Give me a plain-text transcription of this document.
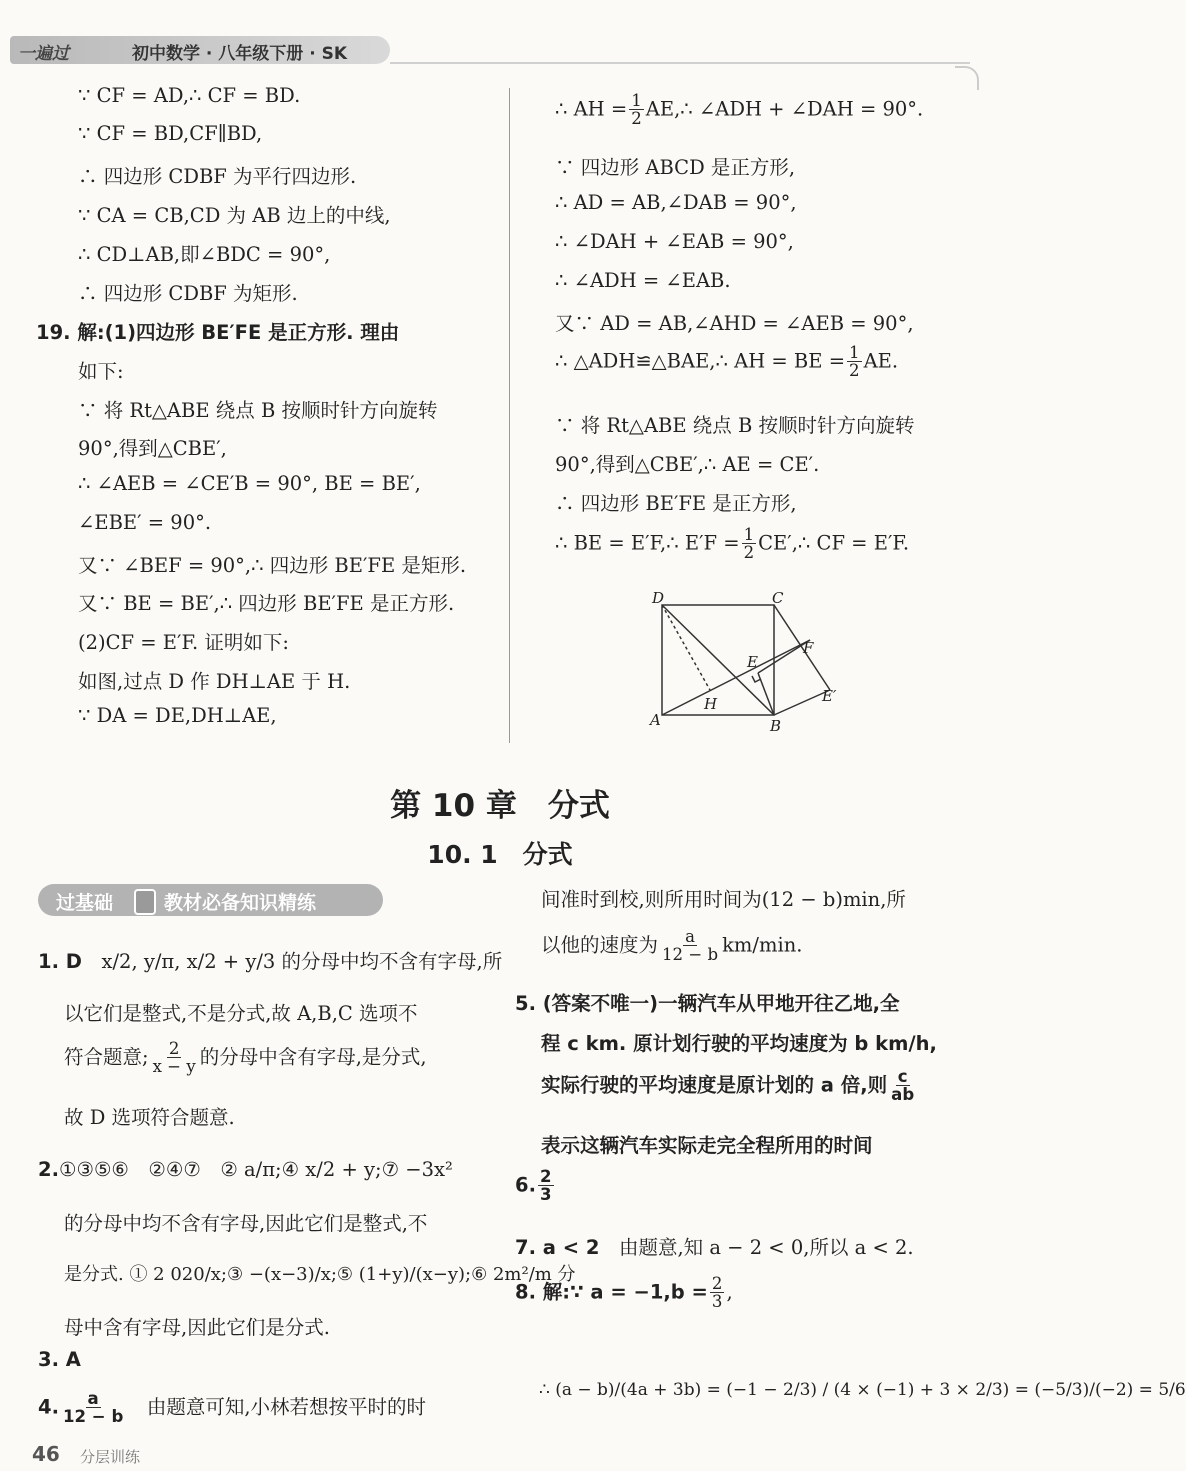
一遍过	初中数学 · 八年级下册 · SK

∵ CF = AD,∴ CF = BD.

∵ CF = BD,CF∥BD,

∴ 四边形 CDBF 为平行四边形.

∵ CA = CB,CD 为 AB 边上的中线,

∴ CD⊥AB,即∠BDC = 90°,

∴ 四边形 CDBF 为矩形.

19. 解:(1)四边形 BE′FE 是正方形. 理由

如下:

∵ 将 Rt△ABE 绕点 B 按顺时针方向旋转

90°,得到△CBE′,

∴ ∠AEB = ∠CE′B = 90°, BE = BE′,

∠EBE′ = 90°.

又∵ ∠BEF = 90°,∴ 四边形 BE′FE 是矩形.

又∵ BE = BE′,∴ 四边形 BE′FE 是正方形.

(2)CF = E′F. 证明如下:

如图,过点 D 作 DH⊥AE 于 H.

∵ DA = DE,DH⊥AE,

∴ AH = $\frac{1}{2}$ AE,∴ ∠ADH + ∠DAH = 90°.

∵ 四边形 ABCD 是正方形,

∴ AD = AB,∠DAB = 90°,

∴ ∠DAH + ∠EAB = 90°,

∴ ∠ADH = ∠EAB.

又∵ AD = AB,∠AHD = ∠AEB = 90°,

∴ △ADH≌△BAE,∴ AH = BE = $\frac{1}{2}$ AE.

∵ 将 Rt△ABE 绕点 B 按顺时针方向旋转

90°,得到△CBE′,∴ AE = CE′.

∴ 四边形 BE′FE 是正方形,

∴ BE = E′F,∴ $E'F = \frac{1}{2}$ CE′,∴ CF = E′F.

D	C
F
E
E′
H
A	B
第 10 章　分式
10. 1　分式
过基础	教材必备知识精练

1. D　 x/2, y/π, x/2 + y/3 的分母中均不含有字母,所

以它们是整式,不是分式,故 A,B,C 选项不

符合题意; $\frac{2}{x - y}$ 的分母中含有字母,是分式,

故 D 选项符合题意.

2.①③⑤⑥　②④⑦　② a/π;④ x/2 + y;⑦ −3x²

的分母中均不含有字母,因此它们是整式,不

是分式. ① 2 020/x;③ −(x−3)/x;⑤ (1+y)/(x−y);⑥ 2m²/m 分

母中含有字母,因此它们是分式.

3. A

4. $\frac{a}{12 - b}$
　 由题意可知,小林若想按平时的时

间准时到校,则所用时间为(12 − b)min,所

以他的速度为 $\frac{a}{12 - b} km/\min$.

5. (答案不唯一)一辆汽车从甲地开往乙地,全

程 c km. 原计划行驶的平均速度为 b km/h,

实际行驶的平均速度是原计划的 a 倍,则 $\frac{c}{ab}$

表示这辆汽车实际走完全程所用的时间

6. $\frac{2}{3}$

7. a < 2　 由题意,知 a − 2 < 0,所以 a < 2.

8. 解:∵ $a = -1,b = \frac{2}{3}$ ,

∴ (a − b)/(4a + 3b) = (−1 − 2/3) / (4 × (−1) + 3 × 2/3) = (−5/3)/(−2) = 5/6

46 分层训练
